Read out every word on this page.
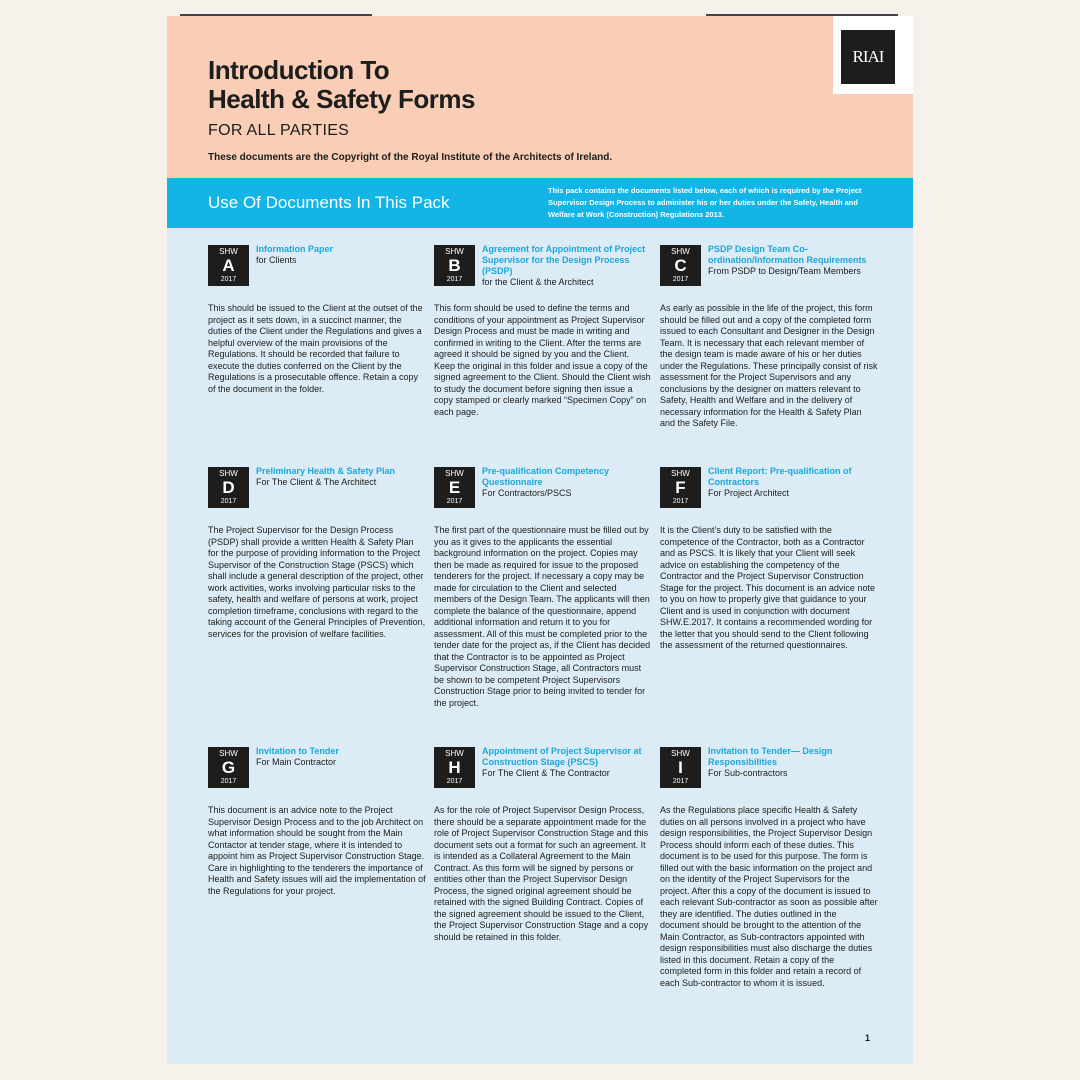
RIAI
Introduction To
Health & Safety Forms
FOR ALL PARTIES
These documents are the Copyright of the Royal Institute of the Architects of Ireland.
Use Of Documents In This Pack
This pack contains the documents listed below, each of which is required by the Project Supervisor Design Process to administer his or her duties under the Safety, Health and Welfare at Work (Construction) Regulations 2013.
SHW
A
2017
Information Paper
for Clients
This should be issued to the Client at the outset of the project as it sets down, in a succinct manner, the duties of the Client under the Regulations and gives a helpful overview of the main provisions of the Regulations. It should be recorded that failure to execute the duties conferred on the Client by the Regulations is a prosecutable offence. Retain a copy of the document in the folder.
SHW
B
2017
Agreement for Appointment of Project Supervisor for the Design Process (PSDP)
for the Client & the Architect
This form should be used to define the terms and conditions of your appointment as Project Supervisor Design Process and must be made in writing and confirmed in writing to the Client. After the terms are agreed it should be signed by you and the Client. Keep the original in this folder and issue a copy of the signed agreement to the Client. Should the Client wish to study the document before signing then issue a copy stamped or clearly marked “Specimen Copy” on each page.
SHW
C
2017
PSDP Design Team Co-ordination/Information Requirements
From PSDP to Design/Team Members
As early as possible in the life of the project, this form should be filled out and a copy of the completed form issued to each Consultant and Designer in the Design Team. It is necessary that each relevant member of the design team is made aware of his or her duties under the Regulations. These principally consist of risk assessment for the Project Supervisors and any conclusions by the designer on matters relevant to Safety, Health and Welfare and in the delivery of necessary information for the Health & Safety Plan and the Safety File.
SHW
D
2017
Preliminary Health & Safety Plan
For The Client & The Architect
The Project Supervisor for the Design Process (PSDP) shall provide a written Health & Safety Plan for the purpose of providing information to the Project Supervisor of the Construction Stage (PSCS) which shall include a general description of the project, other work activities, works involving particular risks to the safety, health and welfare of persons at work, project completion timeframe, conclusions with regard to the taking account of the General Principles of Prevention, services for the provision of welfare facilities.
SHW
E
2017
Pre-qualification Competency Questionnaire
For Contractors/PSCS
The first part of the questionnaire must be filled out by you as it gives to the applicants the essential background information on the project. Copies may then be made as required for issue to the proposed tenderers for the project. If necessary a copy may be made for circulation to the Client and selected members of the Design Team. The applicants will then complete the balance of the questionnaire, append additional information and return it to you for assessment. All of this must be completed prior to the tender date for the project as, if the Client has decided that the Contractor is to be appointed as Project Supervisor Construction Stage, all Contractors must be shown to be competent Project Supervisors Construction Stage prior to being invited to tender for the project.
SHW
F
2017
Client Report: Pre-qualification of Contractors
For Project Architect
It is the Client’s duty to be satisfied with the competence of the Contractor, both as a Contractor and as PSCS. It is likely that your Client will seek advice on establishing the competency of the Contractor and the Project Supervisor Construction Stage for the project. This document is an advice note to you on how to properly give that guidance to your Client and is used in conjunction with document SHW.E.2017. It contains a recommended wording for the letter that you should send to the Client following the assessment of the returned questionnaires.
SHW
G
2017
Invitation to Tender
For Main Contractor
This document is an advice note to the Project Supervisor Design Process and to the job Architect on what information should be sought from the Main Contactor at tender stage, where it is intended to appoint him as Project Supervisor Construction Stage. Care in highlighting to the tenderers the importance of Health and Safety issues will aid the implementation of the Regulations for your project.
SHW
H
2017
Appointment of Project Supervisor at Construction Stage (PSCS)
For The Client & The Contractor
As for the role of Project Supervisor Design Process, there should be a separate appointment made for the role of Project Supervisor Construction Stage and this document sets out a format for such an agreement. It is intended as a Collateral Agreement to the Main Contract. As this form will be signed by persons or entities other than the Project Supervisor Design Process, the signed original agreement should be retained with the signed Building Contract. Copies of the signed agreement should be issued to the Client, the Project Supervisor Construction Stage and a copy should be retained in this folder.
SHW
I
2017
Invitation to Tender— Design Responsibilities
For Sub-contractors
As the Regulations place specific Health & Safety duties on all persons involved in a project who have design responsibilities, the Project Supervisor Design Process should inform each of these duties. This document is to be used for this purpose. The form is filled out with the basic information on the project and on the identity of the Project Supervisors for the project. After this a copy of the document is issued to each relevant Sub-contractor as soon as possible after they are identified. The duties outlined in the document should be brought to the attention of the Main Contractor, as Sub-contractors appointed with design responsibilities must also discharge the duties listed in this document. Retain a copy of the completed form in this folder and retain a record of each Sub-contractor to whom it is issued.
1
